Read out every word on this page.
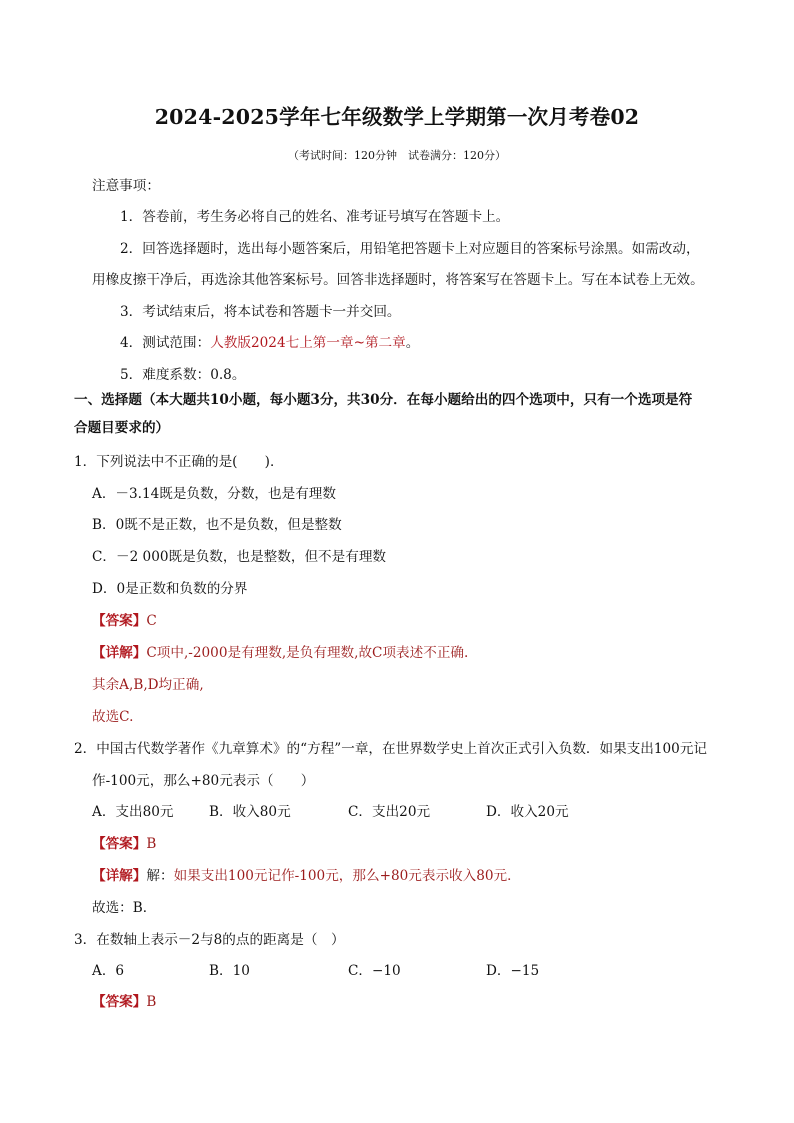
2024-2025学年七年级数学上学期第一次月考卷02
（考试时间：120分钟　试卷满分：120分）
注意事项：
1．答卷前，考生务必将自己的姓名、准考证号填写在答题卡上。
2．回答选择题时，选出每小题答案后，用铅笔把答题卡上对应题目的答案标号涂黑。如需改动，
用橡皮擦干净后，再选涂其他答案标号。回答非选择题时，将答案写在答题卡上。写在本试卷上无效。
3．考试结束后，将本试卷和答题卡一并交回。
4．测试范围：人教版2024七上第一章~第二章。
5．难度系数：0.8。
一、选择题（本大题共10小题，每小题3分，共30分．在每小题给出的四个选项中，只有一个选项是符
合题目要求的）
1．下列说法中不正确的是(　　)．
A．－3.14既是负数，分数，也是有理数
B．0既不是正数，也不是负数，但是整数
C．－2 000既是负数，也是整数，但不是有理数
D．0是正数和负数的分界
【答案】C
【详解】C项中,-2000是有理数,是负有理数,故C项表述不正确.
其余A,B,D均正确,
故选C.
2．中国古代数学著作《九章算术》的“方程”一章，在世界数学史上首次正式引入负数．如果支出100元记
作-100元，那么+80元表示（　　）
A．支出80元	B．收入80元	C．支出20元	D．收入20元
【答案】B
【详解】解：如果支出100元记作-100元，那么+80元表示收入80元．
故选：B．
3．在数轴上表示－2与8的点的距离是（　）
A．6	B．10	C．−10	D．−15
【答案】B
